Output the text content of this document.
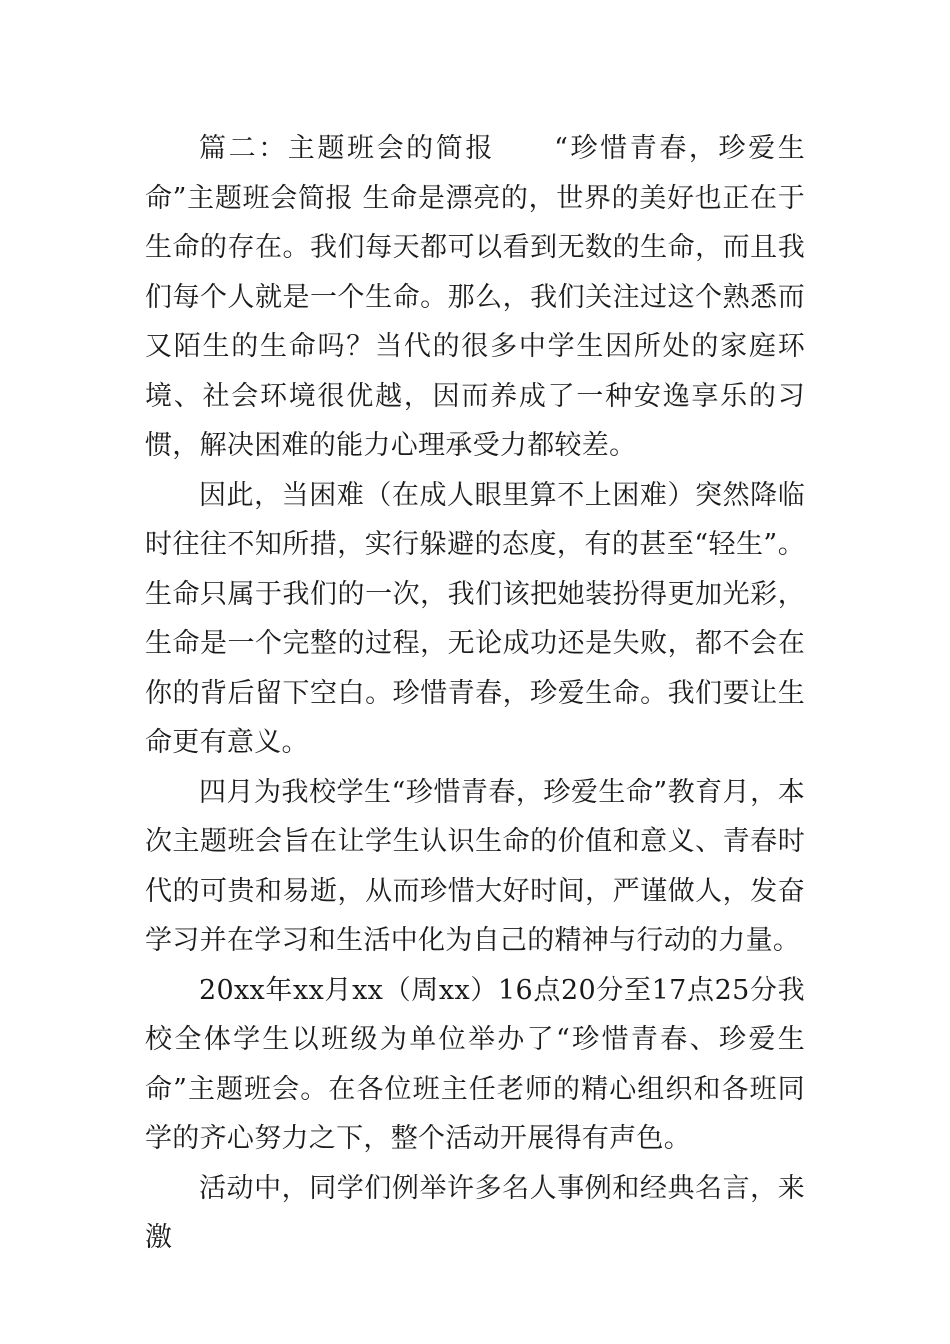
篇二：主题班会的简报　　“珍惜青春，珍爱生命”主题班会简报 生命是漂亮的，世界的美好也正在于生命的存在。我们每天都可以看到无数的生命，而且我们每个人就是一个生命。那么，我们关注过这个熟悉而又陌生的生命吗？当代的很多中学生因所处的家庭环境、社会环境很优越，因而养成了一种安逸享乐的习惯，解决困难的能力心理承受力都较差。

因此，当困难（在成人眼里算不上困难）突然降临时往往不知所措，实行躲避的态度，有的甚至“轻生”。生命只属于我们的一次，我们该把她装扮得更加光彩，生命是一个完整的过程，无论成功还是失败，都不会在你的背后留下空白。珍惜青春，珍爱生命。我们要让生命更有意义。

四月为我校学生“珍惜青春，珍爱生命”教育月，本次主题班会旨在让学生认识生命的价值和意义、青春时代的可贵和易逝，从而珍惜大好时间，严谨做人，发奋学习并在学习和生活中化为自己的精神与行动的力量。

20xx年xx月xx（周xx）16点20分至17点25分我校全体学生以班级为单位举办了“珍惜青春、珍爱生命”主题班会。在各位班主任老师的精心组织和各班同学的齐心努力之下，整个活动开展得有声色。

活动中，同学们例举许多名人事例和经典名言，来激
